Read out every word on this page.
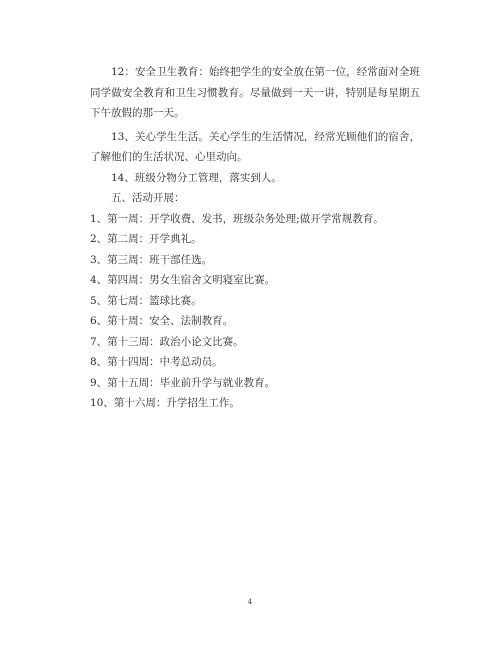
12：安全卫生教育：始终把学生的安全放在第一位，经常面对全班同学做安全教育和卫生习惯教育。尽量做到一天一讲，特别是每星期五下午放假的那一天。

13、关心学生生活。关心学生的生活情况，经常光顾他们的宿舍，了解他们的生活状况、心里动向。

14、班级分物分工管理，落实到人。

五、活动开展：

1、第一周：开学收费、发书，班级杂务处理;做开学常规教育。

2、第二周：开学典礼。

3、第三周：班干部任选。

4、第四周：男女生宿舍文明寝室比赛。

5、第七周：篮球比赛。

6、第十周：安全、法制教育。

7、第十三周：政治小论文比赛。

8、第十四周：中考总动员。

9、第十五周：毕业前升学与就业教育。

10、第十六周：升学招生工作。

4
